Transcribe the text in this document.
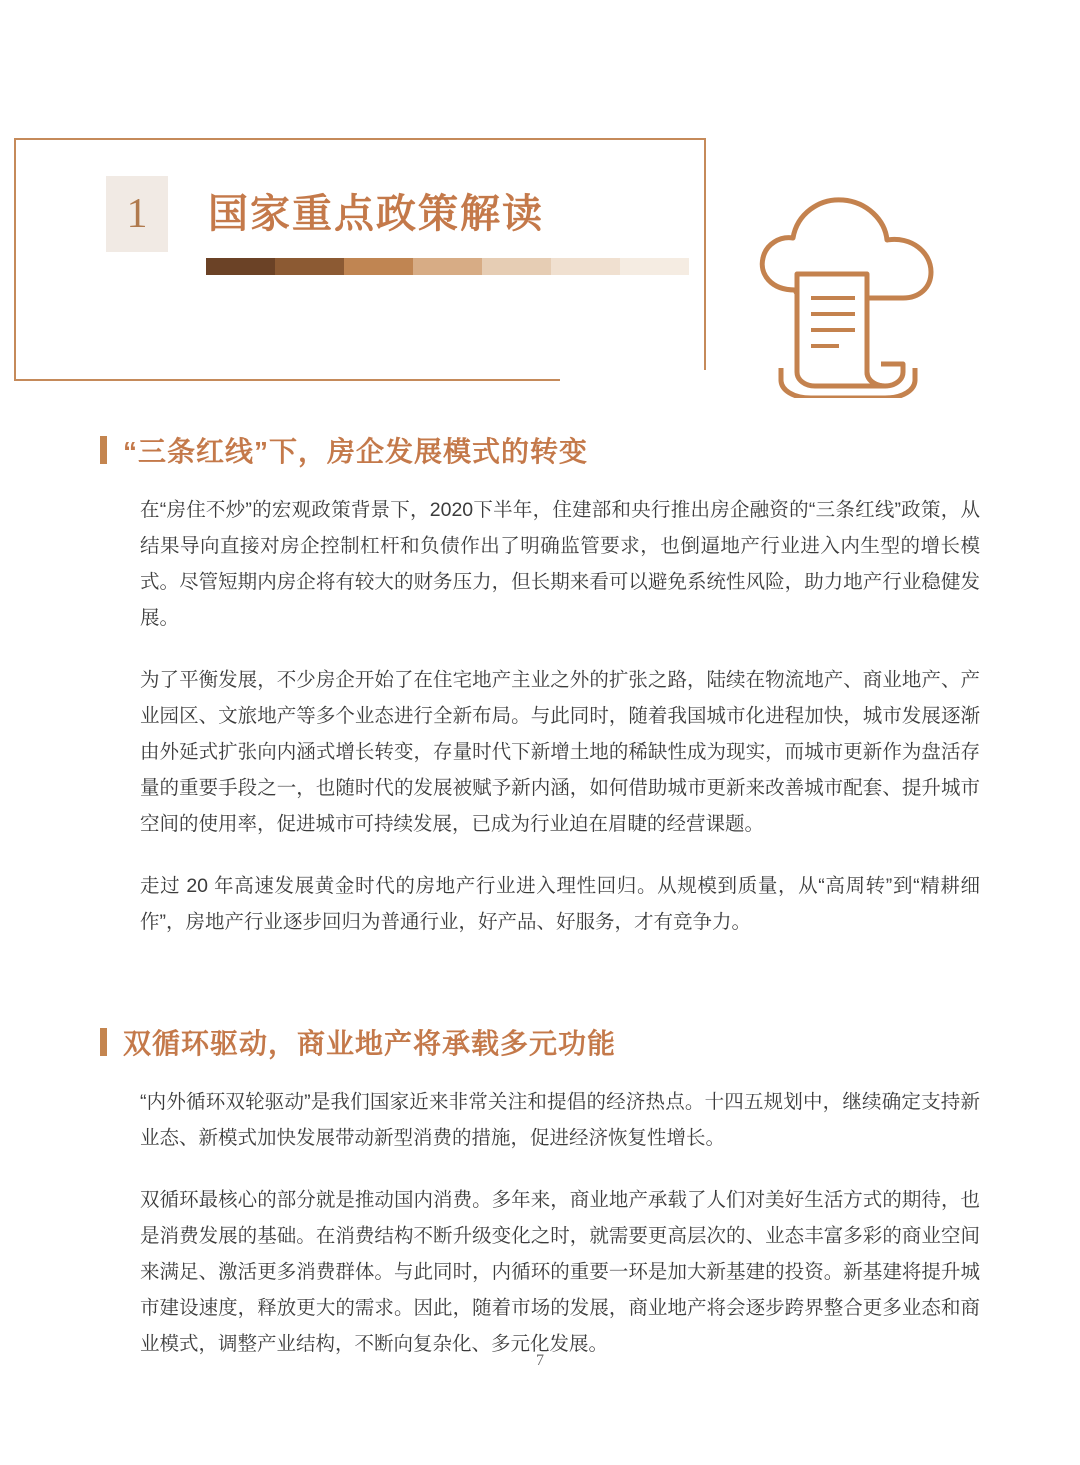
1 国家重点政策解读
“三条红线”下，房企发展模式的转变

在“房住不炒”的宏观政策背景下，2020下半年，住建部和央行推出房企融资的“三条红线”政策，从结果导向直接对房企控制杠杆和负债作出了明确监管要求，也倒逼地产行业进入内生型的增长模式。尽管短期内房企将有较大的财务压力，但长期来看可以避免系统性风险，助力地产行业稳健发展。

为了平衡发展，不少房企开始了在住宅地产主业之外的扩张之路，陆续在物流地产、商业地产、产业园区、文旅地产等多个业态进行全新布局。与此同时，随着我国城市化进程加快，城市发展逐渐由外延式扩张向内涵式增长转变，存量时代下新增土地的稀缺性成为现实，而城市更新作为盘活存量的重要手段之一，也随时代的发展被赋予新内涵，如何借助城市更新来改善城市配套、提升城市空间的使用率，促进城市可持续发展，已成为行业迫在眉睫的经营课题。

走过 20 年高速发展黄金时代的房地产行业进入理性回归。从规模到质量，从“高周转”到“精耕细作”，房地产行业逐步回归为普通行业，好产品、好服务，才有竞争力。

双循环驱动，商业地产将承载多元功能

“内外循环双轮驱动”是我们国家近来非常关注和提倡的经济热点。十四五规划中，继续确定支持新业态、新模式加快发展带动新型消费的措施，促进经济恢复性增长。

双循环最核心的部分就是推动国内消费。多年来，商业地产承载了人们对美好生活方式的期待，也是消费发展的基础。在消费结构不断升级变化之时，就需要更高层次的、业态丰富多彩的商业空间来满足、激活更多消费群体。与此同时，内循环的重要一环是加大新基建的投资。新基建将提升城市建设速度，释放更大的需求。因此，随着市场的发展，商业地产将会逐步跨界整合更多业态和商业模式，调整产业结构，不断向复杂化、多元化发展。

7
